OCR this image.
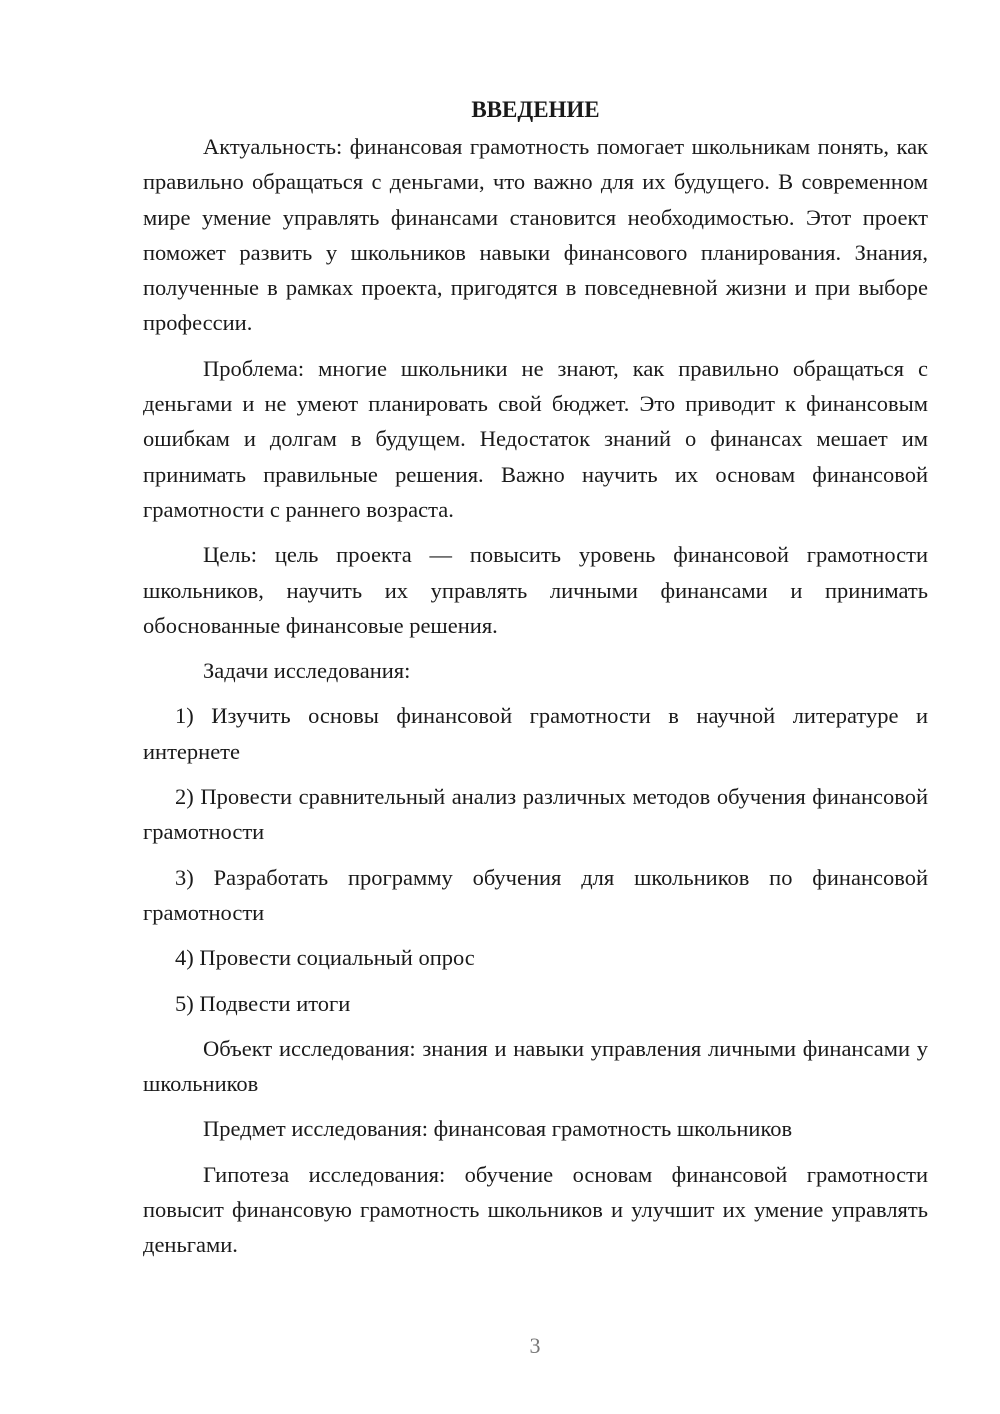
ВВЕДЕНИЕ

Актуальность: финансовая грамотность помогает школьникам понять, как правильно обращаться с деньгами, что важно для их будущего. В современном мире умение управлять финансами становится необходимостью. Этот проект поможет развить у школьников навыки финансового планирования. Знания, полученные в рамках проекта, пригодятся в повседневной жизни и при выборе профессии.

Проблема: многие школьники не знают, как правильно обращаться с деньгами и не умеют планировать свой бюджет. Это приводит к финансовым ошибкам и долгам в будущем. Недостаток знаний о финансах мешает им принимать правильные решения. Важно научить их основам финансовой грамотности с раннего возраста.

Цель: цель проекта — повысить уровень финансовой грамотности школьников, научить их управлять личными финансами и принимать обоснованные финансовые решения.

Задачи исследования:

1) Изучить основы финансовой грамотности в научной литературе и интернете

2) Провести сравнительный анализ различных методов обучения финансовой грамотности

3) Разработать программу обучения для школьников по финансовой грамотности

4) Провести социальный опрос

5) Подвести итоги

Объект исследования: знания и навыки управления личными финансами у школьников

Предмет исследования: финансовая грамотность школьников

Гипотеза исследования: обучение основам финансовой грамотности повысит финансовую грамотность школьников и улучшит их умение управлять деньгами.

3
